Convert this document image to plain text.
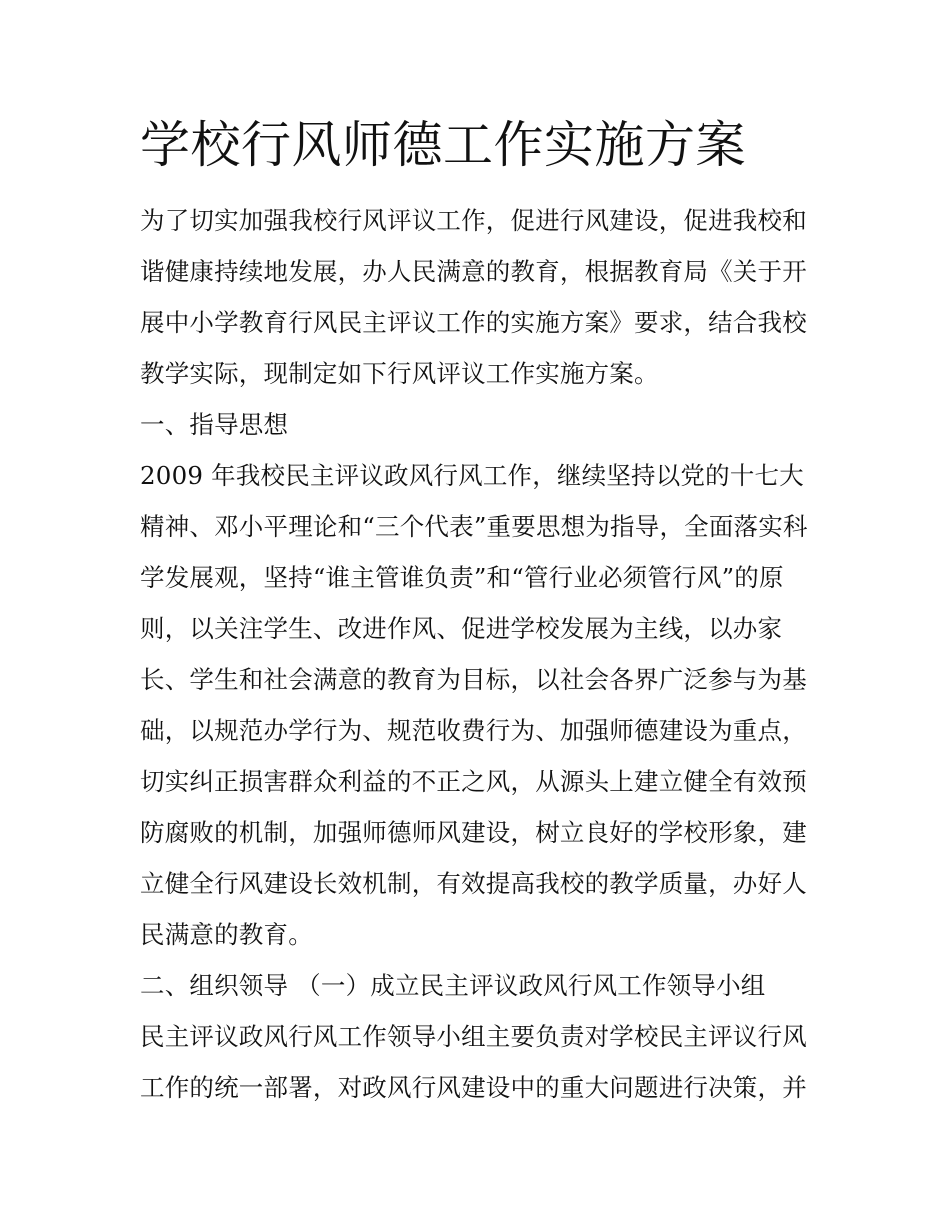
学校行风师德工作实施方案
为了切实加强我校行风评议工作，促进行风建设，促进我校和
谐健康持续地发展，办人民满意的教育，根据教育局《关于开
展中小学教育行风民主评议工作的实施方案》要求，结合我校
教学实际，现制定如下行风评议工作实施方案。
一、指导思想
2009 年我校民主评议政风行风工作，继续坚持以党的十七大
精神、邓小平理论和“三个代表”重要思想为指导，全面落实科
学发展观，坚持“谁主管谁负责”和“管行业必须管行风”的原
则，以关注学生、改进作风、促进学校发展为主线，以办家
长、学生和社会满意的教育为目标，以社会各界广泛参与为基
础，以规范办学行为、规范收费行为、加强师德建设为重点，
切实纠正损害群众利益的不正之风，从源头上建立健全有效预
防腐败的机制，加强师德师风建设，树立良好的学校形象，建
立健全行风建设长效机制，有效提高我校的教学质量，办好人
民满意的教育。
二、组织领导 （一）成立民主评议政风行风工作领导小组
民主评议政风行风工作领导小组主要负责对学校民主评议行风
工作的统一部署，对政风行风建设中的重大问题进行决策，并
